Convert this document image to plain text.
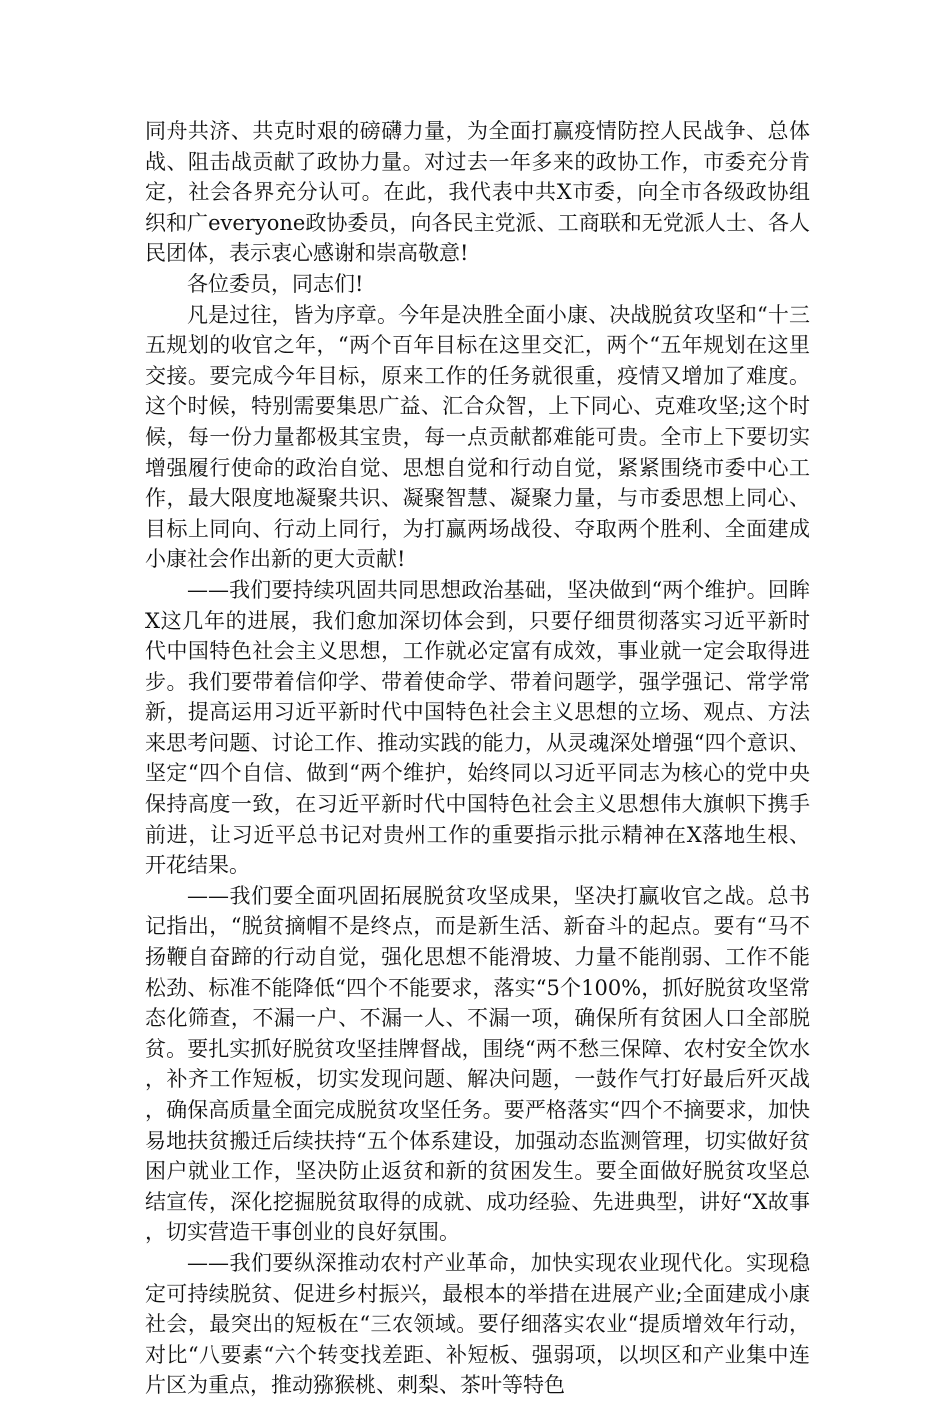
同舟共济、共克时艰的磅礴力量，为全面打赢疫情防控人民战争、总体战、阻击战贡献了政协力量。对过去一年多来的政协工作，市委充分肯定，社会各界充分认可。在此，我代表中共X市委，向全市各级政协组织和广everyone政协委员，向各民主党派、工商联和无党派人士、各人民团体，表示衷心感谢和崇高敬意!

各位委员，同志们!

凡是过往，皆为序章。今年是决胜全面小康、决战脱贫攻坚和“十三五规划的收官之年，“两个百年目标在这里交汇，两个“五年规划在这里交接。要完成今年目标，原来工作的任务就很重，疫情又增加了难度。这个时候，特别需要集思广益、汇合众智，上下同心、克难攻坚;这个时候，每一份力量都极其宝贵，每一点贡献都难能可贵。全市上下要切实增强履行使命的政治自觉、思想自觉和行动自觉，紧紧围绕市委中心工作，最大限度地凝聚共识、凝聚智慧、凝聚力量，与市委思想上同心、目标上同向、行动上同行，为打赢两场战役、夺取两个胜利、全面建成小康社会作出新的更大贡献!

——我们要持续巩固共同思想政治基础，坚决做到“两个维护。回眸X这几年的进展，我们愈加深切体会到，只要仔细贯彻落实习近平新时代中国特色社会主义思想，工作就必定富有成效，事业就一定会取得进步。我们要带着信仰学、带着使命学、带着问题学，强学强记、常学常新，提高运用习近平新时代中国特色社会主义思想的立场、观点、方法来思考问题、讨论工作、推动实践的能力，从灵魂深处增强“四个意识、坚定“四个自信、做到“两个维护，始终同以习近平同志为核心的党中央保持高度一致，在习近平新时代中国特色社会主义思想伟大旗帜下携手前进，让习近平总书记对贵州工作的重要指示批示精神在X落地生根、开花结果。

——我们要全面巩固拓展脱贫攻坚成果，坚决打赢收官之战。总书记指出，“脱贫摘帽不是终点，而是新生活、新奋斗的起点。要有“马不扬鞭自奋蹄的行动自觉，强化思想不能滑坡、力量不能削弱、工作不能松劲、标准不能降低“四个不能要求，落实“5个100%，抓好脱贫攻坚常态化筛查，不漏一户、不漏一人、不漏一项，确保所有贫困人口全部脱贫。要扎实抓好脱贫攻坚挂牌督战，围绕“两不愁三保障、农村安全饮水，补齐工作短板，切实发现问题、解决问题，一鼓作气打好最后歼灭战，确保高质量全面完成脱贫攻坚任务。要严格落实“四个不摘要求，加快易地扶贫搬迁后续扶持“五个体系建设，加强动态监测管理，切实做好贫困户就业工作，坚决防止返贫和新的贫困发生。要全面做好脱贫攻坚总结宣传，深化挖掘脱贫取得的成就、成功经验、先进典型，讲好“X故事，切实营造干事创业的良好氛围。

——我们要纵深推动农村产业革命，加快实现农业现代化。实现稳定可持续脱贫、促进乡村振兴，最根本的举措在进展产业;全面建成小康社会，最突出的短板在“三农领域。要仔细落实农业“提质增效年行动，对比“八要素“六个转变找差距、补短板、强弱项，以坝区和产业集中连片区为重点，推动猕猴桃、刺梨、茶叶等特色
